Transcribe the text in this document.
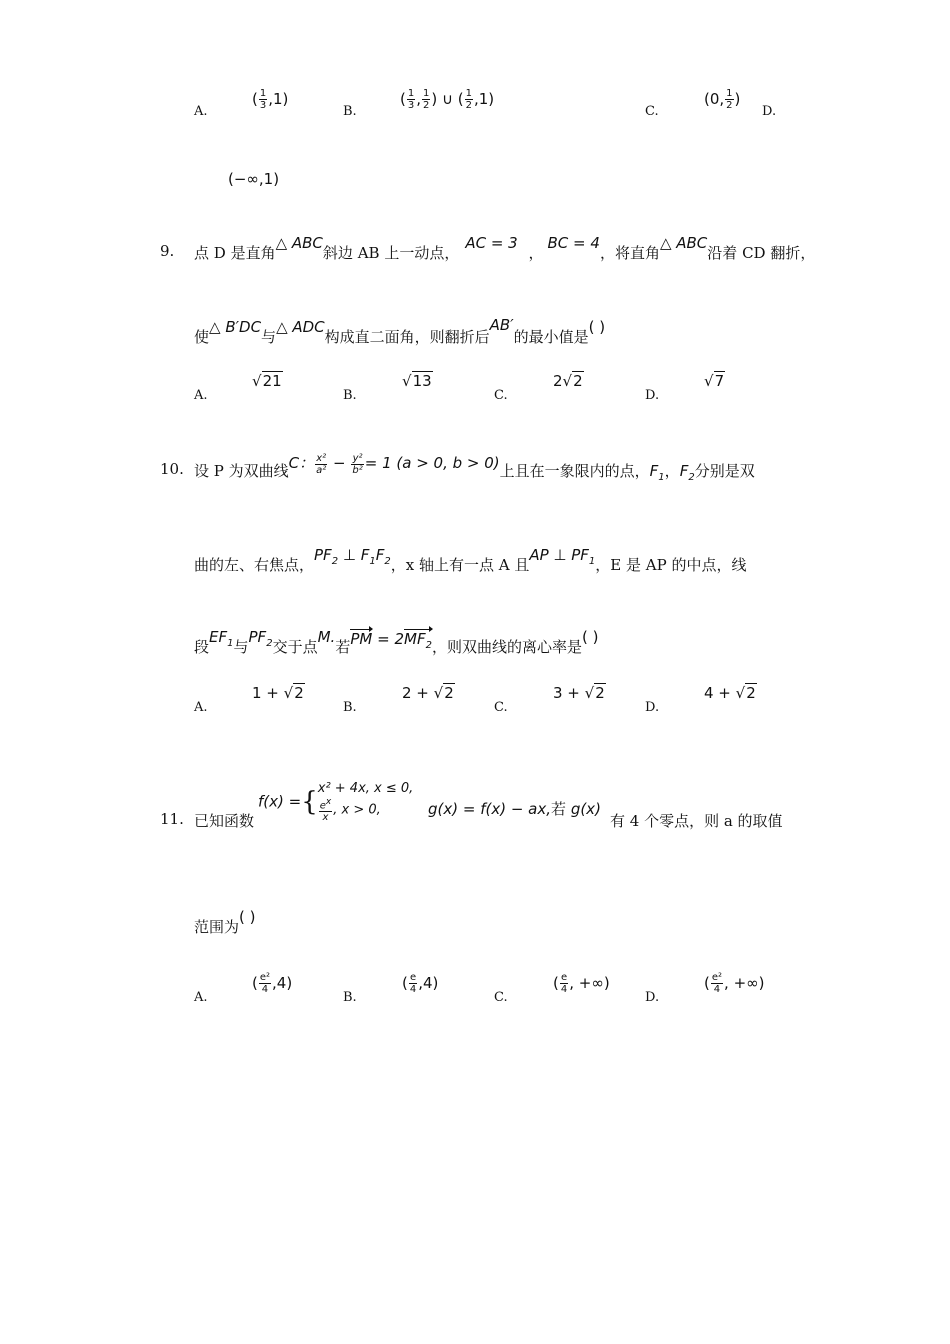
A.
( $\frac{1}{3} ,1$)
B.
( $\frac{1}{3}$ , $\frac{1}{2}$ ) ∪ ( $\frac{1}{2} ,1$)
C.
(0, $\frac{1}{2}$ )
D.
(−∞,1)
9. 点 D 是直角△ ABC斜边 AB 上一动点，AC = 3 ，BC = 4，将直角△ ABC沿着 CD 翻折，
使△ B′DC与△ ADC构成直二面角，则翻折后AB′的最小值是( )
A.
√21
B.
√13
C.
2√2
D.
√7
10. 设 P 为双曲线C： $\frac{\text{x²}}{\text{a²}} - \frac{\text{y²}}{\text{b²}} = 1$ (a > 0, b > 0)上且在一象限内的点，$F_1$，$F_2$分别是双
曲的左、右焦点，$PF_2$ ⊥ $F_1F_2$，x 轴上有一点 A 且AP ⊥ $PF_1$，E 是 AP 的中点，线
段$EF_1$与$PF_2$交于点M.若PM = $2MF_2$，则双曲线的离心率是( )
A.
1 + √2
B.
2 + √2
C.
3 + √2
D.
4 + √2
11. 已知函数
f(x) ={ x² + 4x, x ≤ 0,
$\frac{e^x}{x}$ , x > 0,	g(x) = f(x) − ax,若 g(x)
有 4 个零点，则 a 的取值
范围为( )
A.
( $\frac{\text{e²}}{4} ,4$)
B.
( $\frac{e}{4} ,4$)
C.
( $\frac{e}{4}$ , +∞)
D.
( $\frac{\text{e²}}{4}$ , +∞)
